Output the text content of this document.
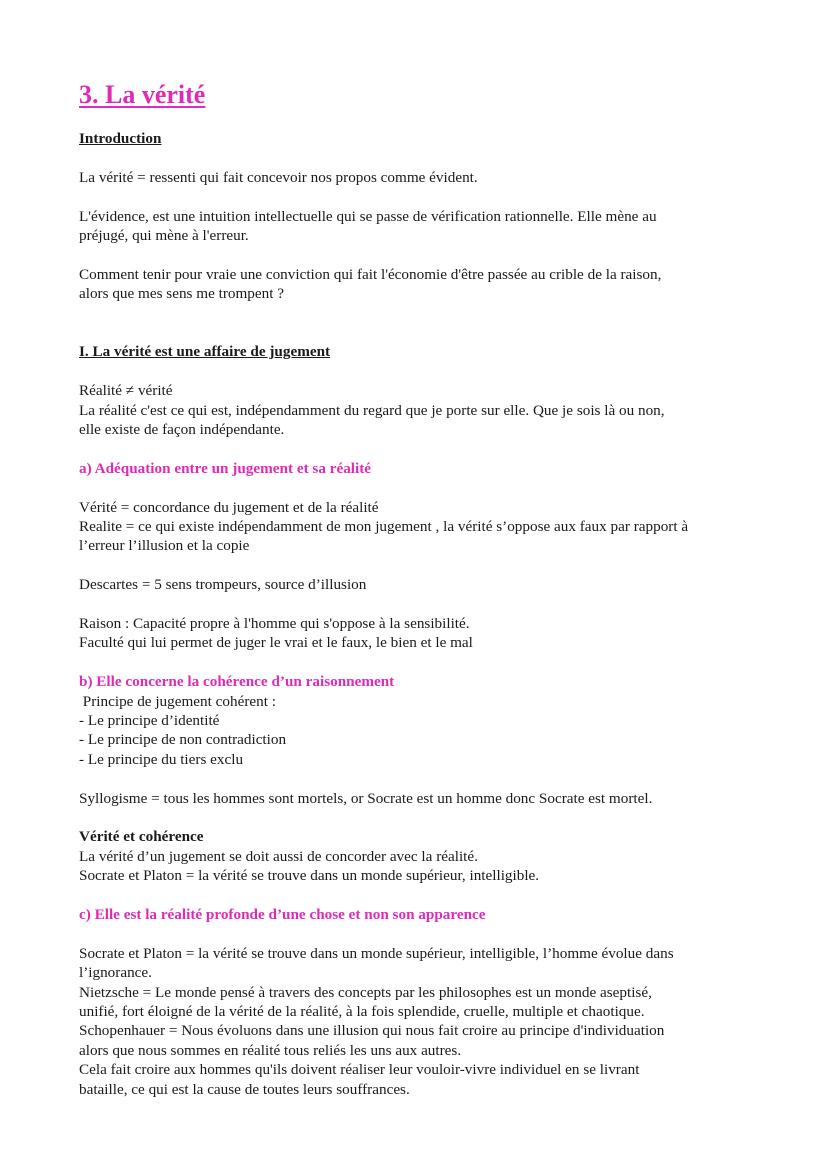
3. La vérité

Introduction

La vérité = ressenti qui fait concevoir nos propos comme évident.

L'évidence, est une intuition intellectuelle qui se passe de vérification rationnelle. Elle mène au

préjugé, qui mène à l'erreur.

Comment tenir pour vraie une conviction qui fait l'économie d'être passée au crible de la raison,

alors que mes sens me trompent ?

I. La vérité est une affaire de jugement

Réalité ≠ vérité

La réalité c'est ce qui est, indépendamment du regard que je porte sur elle. Que je sois là ou non,

elle existe de façon indépendante.

a) Adéquation entre un jugement et sa réalité

Vérité = concordance du jugement et de la réalité

Realite = ce qui existe indépendamment de mon jugement , la vérité s’oppose aux faux par rapport à

l’erreur l’illusion et la copie

Descartes = 5 sens trompeurs, source d’illusion

Raison : Capacité propre à l'homme qui s'oppose à la sensibilité.

Faculté qui lui permet de juger le vrai et le faux, le bien et le mal

b) Elle concerne la cohérence d’un raisonnement

Principe de jugement cohérent :

- Le principe d’identité

- Le principe de non contradiction

- Le principe du tiers exclu

Syllogisme = tous les hommes sont mortels, or Socrate est un homme donc Socrate est mortel.

Vérité et cohérence

La vérité d’un jugement se doit aussi de concorder avec la réalité.

Socrate et Platon = la vérité se trouve dans un monde supérieur, intelligible.

c) Elle est la réalité profonde d’une chose et non son apparence

Socrate et Platon = la vérité se trouve dans un monde supérieur, intelligible, l’homme évolue dans

l’ignorance.

Nietzsche = Le monde pensé à travers des concepts par les philosophes est un monde aseptisé,

unifié, fort éloigné de la vérité de la réalité, à la fois splendide, cruelle, multiple et chaotique.

Schopenhauer = Nous évoluons dans une illusion qui nous fait croire au principe d'individuation

alors que nous sommes en réalité tous reliés les uns aux autres.

Cela fait croire aux hommes qu'ils doivent réaliser leur vouloir-vivre individuel en se livrant

bataille, ce qui est la cause de toutes leurs souffrances.
